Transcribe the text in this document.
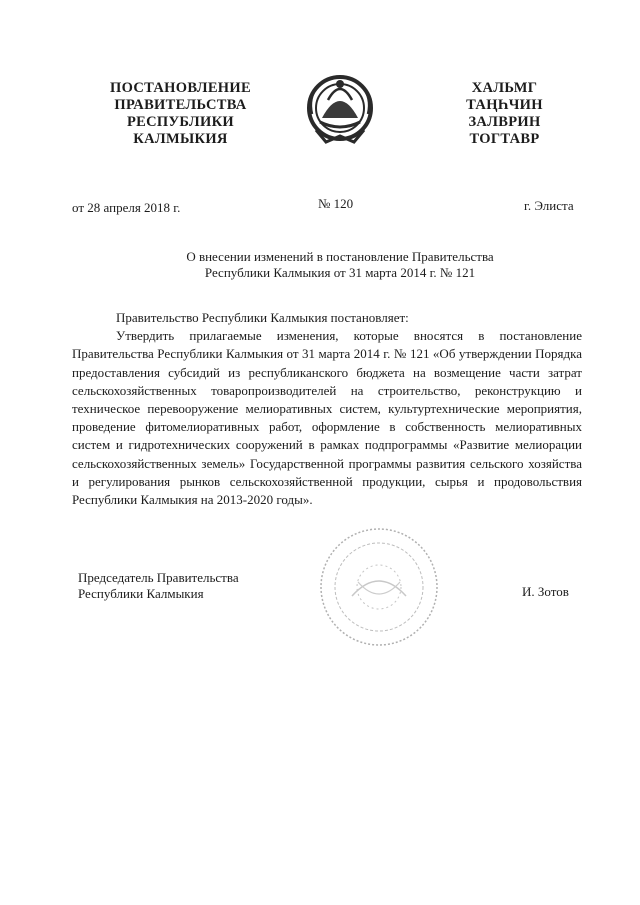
ПОСТАНОВЛЕНИЕ
ПРАВИТЕЛЬСТВА
РЕСПУБЛИКИ
КАЛМЫКИЯ
ХАЛЬМГ
ТАҢҺЧИН
ЗАЛВРИН
ТОГТАВР
от 28 апреля 2018 г.	№ 120	г. Элиста
О внесении изменений в постановление Правительства
Республики Калмыкия от 31 марта 2014 г. № 121

Правительство Республики Калмыкия постановляет:

Утвердить прилагаемые изменения, которые вносятся в постановление Правительства Республики Калмыкия от 31 марта 2014 г. № 121 «Об утверждении Порядка предоставления субсидий из республиканского бюджета на возмещение части затрат сельскохозяйственных товаропроизводителей на строительство, реконструкцию и техническое перевооружение мелиоративных систем, культуртехнические мероприятия, проведение фитомелиоративных работ, оформление в собственность мелиоративных систем и гидротехнических сооружений в рамках подпрограммы «Развитие мелиорации сельскохозяйственных земель» Государственной программы развития сельского хозяйства и регулирования рынков сельскохозяйственной продукции, сырья и продовольствия Республики Калмыкия на 2013-2020 годы».

Председатель Правительства
Республики Калмыкия	И. Зотов
